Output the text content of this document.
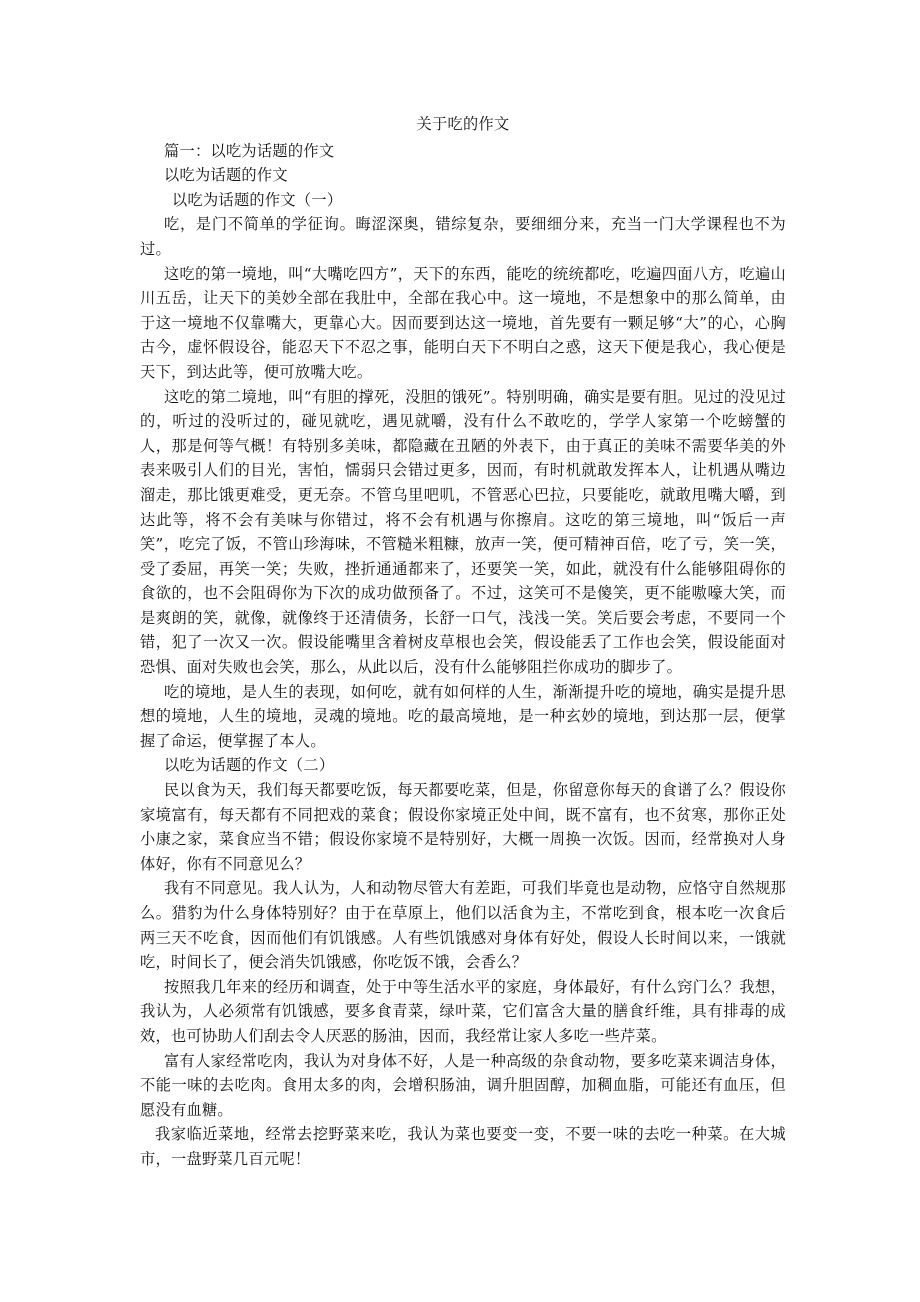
关于吃的作文

篇一：以吃为话题的作文

以吃为话题的作文

以吃为话题的作文（一）

吃，是门不简单的学征询。晦涩深奥，错综复杂，要细细分来，充当一门大学课程也不为过。

这吃的第一境地，叫“大嘴吃四方”，天下的东西，能吃的统统都吃，吃遍四面八方，吃遍山川五岳，让天下的美妙全部在我肚中，全部在我心中。这一境地，不是想象中的那么简单，由于这一境地不仅靠嘴大，更靠心大。因而要到达这一境地，首先要有一颗足够“大”的心，心胸古今，虚怀假设谷，能忍天下不忍之事，能明白天下不明白之惑，这天下便是我心，我心便是天下，到达此等，便可放嘴大吃。

这吃的第二境地，叫“有胆的撑死，没胆的饿死”。特别明确，确实是要有胆。见过的没见过的，听过的没听过的，碰见就吃，遇见就嚼，没有什么不敢吃的，学学人家第一个吃螃蟹的人，那是何等气概！有特别多美味，都隐藏在丑陋的外表下，由于真正的美味不需要华美的外表来吸引人们的目光，害怕，懦弱只会错过更多，因而，有时机就敢发挥本人，让机遇从嘴边溜走，那比饿更难受，更无奈。不管乌里吧叽，不管恶心巴拉，只要能吃，就敢甩嘴大嚼，到达此等，将不会有美味与你错过，将不会有机遇与你擦肩。这吃的第三境地，叫“饭后一声笑”，吃完了饭，不管山珍海味，不管糙米粗糠，放声一笑，便可精神百倍，吃了亏，笑一笑，受了委屈，再笑一笑；失败，挫折通通都来了，还要笑一笑，如此，就没有什么能够阻碍你的食欲的，也不会阻碍你为下次的成功做预备了。不过，这笑可不是傻笑，更不能嗷嚎大笑，而是爽朗的笑，就像，就像终于还清债务，长舒一口气，浅浅一笑。笑后要会考虑，不要同一个错，犯了一次又一次。假设能嘴里含着树皮草根也会笑，假设能丢了工作也会笑，假设能面对恐惧、面对失败也会笑，那么，从此以后，没有什么能够阻拦你成功的脚步了。

吃的境地，是人生的表现，如何吃，就有如何样的人生，渐渐提升吃的境地，确实是提升思想的境地，人生的境地，灵魂的境地。吃的最高境地，是一种玄妙的境地，到达那一层，便掌握了命运，便掌握了本人。

以吃为话题的作文（二）

民以食为天，我们每天都要吃饭，每天都要吃菜，但是，你留意你每天的食谱了么？假设你家境富有，每天都有不同把戏的菜食；假设你家境正处中间，既不富有，也不贫寒，那你正处小康之家，菜食应当不错；假设你家境不是特别好，大概一周换一次饭。因而，经常换对人身体好，你有不同意见么？

我有不同意见。我人认为，人和动物尽管大有差距，可我们毕竟也是动物，应恪守自然规那么。猎豹为什么身体特别好？由于在草原上，他们以活食为主，不常吃到食，根本吃一次食后两三天不吃食，因而他们有饥饿感。人有些饥饿感对身体有好处，假设人长时间以来，一饿就吃，时间长了，便会消失饥饿感，你吃饭不饿，会香么？

按照我几年来的经历和调查，处于中等生活水平的家庭，身体最好，有什么窍门么？我想，我认为，人必须常有饥饿感，要多食青菜，绿叶菜，它们富含大量的膳食纤维，具有排毒的成效，也可协助人们刮去令人厌恶的肠油，因而，我经常让家人多吃一些芹菜。

富有人家经常吃肉，我认为对身体不好，人是一种高级的杂食动物，要多吃菜来调洁身体，不能一味的去吃肉。食用太多的肉，会增积肠油，调升胆固醇，加稠血脂，可能还有血压，但愿没有血糖。

我家临近菜地，经常去挖野菜来吃，我认为菜也要变一变，不要一味的去吃一种菜。在大城市，一盘野菜几百元呢！
